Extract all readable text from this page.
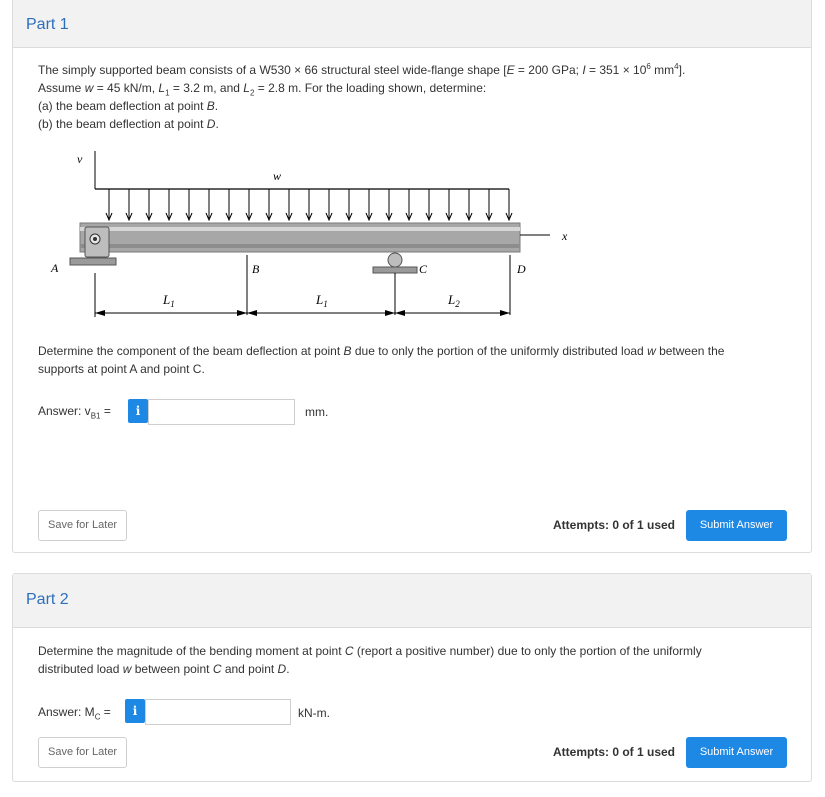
Part 1
The simply supported beam consists of a W530 × 66 structural steel wide-flange shape [E = 200 GPa; $I = 351 \times 10^6$ $mm^4$].
Assume w = 45 kN/m, $L_1 = 3.2$ m, and $L_2 = 2.8$ m. For the loading shown, determine:
(a) the beam deflection at point B.
(b) the beam deflection at point D.
v
w
x
A	B	C	D
$L_1$	$L_1$	$L_2$
Determine the component of the beam deflection at point B due to only the portion of the uniformly distributed load w between the
supports at point A and point C.
Answer: $v_{B1}$ =	i	mm.
Save for Later	Attempts: 0 of 1 used	Submit Answer
Part 2
Determine the magnitude of the bending moment at point C (report a positive number) due to only the portion of the uniformly
distributed load w between point C and point D.
Answer: $M_C$ =	i	kN-m.
Save for Later	Attempts: 0 of 1 used	Submit Answer
